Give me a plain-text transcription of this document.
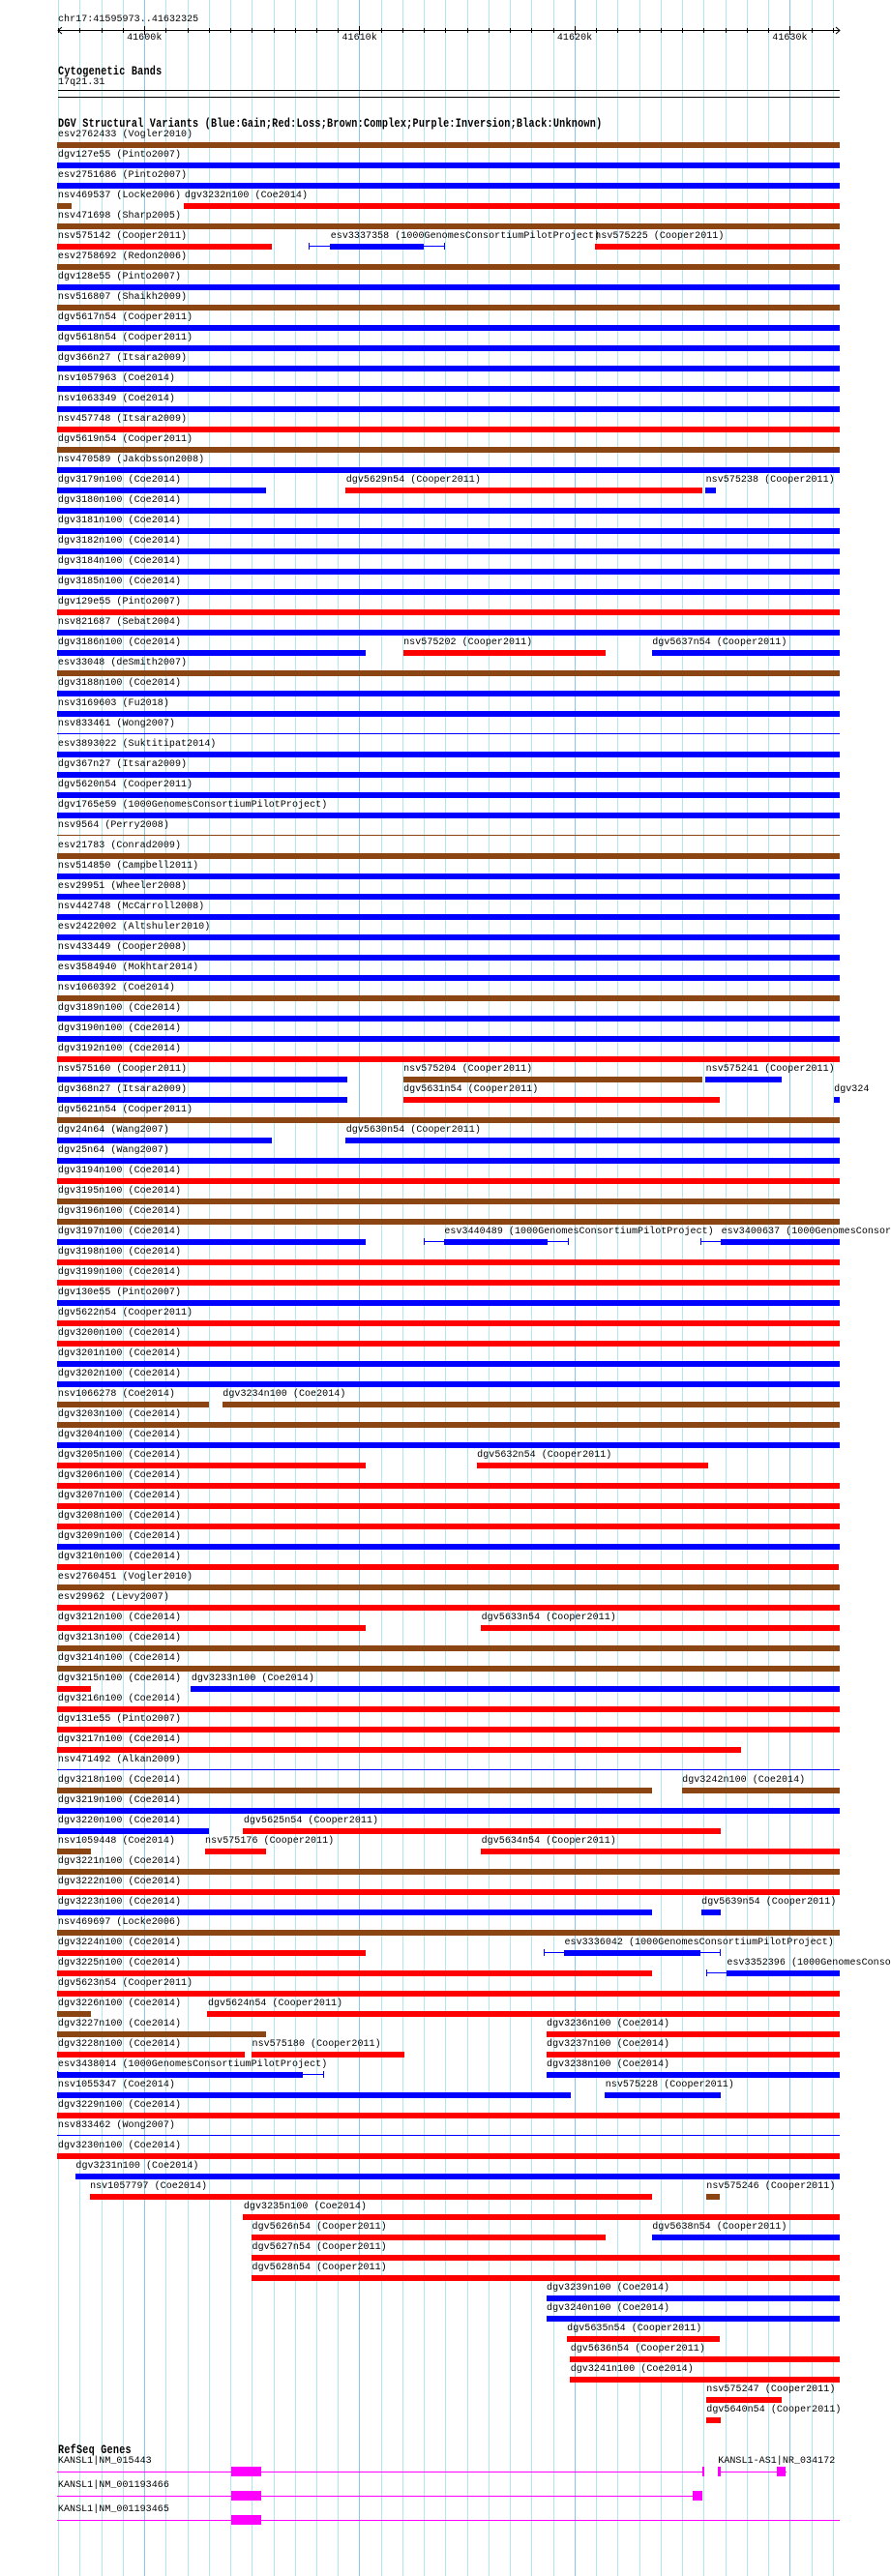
chr17:41595973..41632325
41600k	41610k	41620k	41630k
Cytogenetic Bands
17q21.31
DGV Structural Variants (Blue:Gain;Red:Loss;Brown:Complex;Purple:Inversion;Black:Unknown)
esv2762433 (Vogler2010)
dgv127e55 (Pinto2007)
esv2751686 (Pinto2007)
nsv469537 (Locke2006) dgv3232n100 (Coe2014)
nsv471698 (Sharp2005)
nsv575142 (Cooper2011)	esv3337358 (1000GenomesConsortiumPilotProject)
nsv575225 (Cooper2011)
esv2758692 (Redon2006)
dgv128e55 (Pinto2007)
nsv516807 (Shaikh2009)
dgv5617n54 (Cooper2011)
dgv5618n54 (Cooper2011)
dgv366n27 (Itsara2009)
nsv1057963 (Coe2014)
nsv1063349 (Coe2014)
nsv457748 (Itsara2009)
dgv5619n54 (Cooper2011)
nsv470589 (Jakobsson2008)
dgv3179n100 (Coe2014)	dgv5629n54 (Cooper2011)	nsv575238 (Cooper2011)
dgv3180n100 (Coe2014)
dgv3181n100 (Coe2014)
dgv3182n100 (Coe2014)
dgv3184n100 (Coe2014)
dgv3185n100 (Coe2014)
dgv129e55 (Pinto2007)
nsv821687 (Sebat2004)
dgv3186n100 (Coe2014)	nsv575202 (Cooper2011)	dgv5637n54 (Cooper2011)
esv33048 (deSmith2007)
dgv3188n100 (Coe2014)
nsv3169603 (Fu2018)
nsv833461 (Wong2007)
esv3893022 (Suktitipat2014)
dgv367n27 (Itsara2009)
dgv5620n54 (Cooper2011)
dgv1765e59 (1000GenomesConsortiumPilotProject)
nsv9564 (Perry2008)
esv21783 (Conrad2009)
nsv514850 (Campbell2011)
esv29951 (Wheeler2008)
nsv442748 (McCarroll2008)
esv2422002 (Altshuler2010)
nsv433449 (Cooper2008)
esv3584940 (Mokhtar2014)
nsv1060392 (Coe2014)
dgv3189n100 (Coe2014)
dgv3190n100 (Coe2014)
dgv3192n100 (Coe2014)
nsv575160 (Cooper2011)	nsv575204 (Cooper2011)	nsv575241 (Cooper2011)
dgv368n27 (Itsara2009)	dgv5631n54 (Cooper2011)	dgv324
dgv5621n54 (Cooper2011)
dgv24n64 (Wang2007)	dgv5630n54 (Cooper2011)
dgv25n64 (Wang2007)
dgv3194n100 (Coe2014)
dgv3195n100 (Coe2014)
dgv3196n100 (Coe2014)
dgv3197n100 (Coe2014)	esv3440489 (1000GenomesConsortiumPilotProject) esv3400637 (1000GenomesConsor
dgv3198n100 (Coe2014)
dgv3199n100 (Coe2014)
dgv130e55 (Pinto2007)
dgv5622n54 (Cooper2011)
dgv3200n100 (Coe2014)
dgv3201n100 (Coe2014)
dgv3202n100 (Coe2014)
nsv1066278 (Coe2014)	dgv3234n100 (Coe2014)
dgv3203n100 (Coe2014)
dgv3204n100 (Coe2014)
dgv3205n100 (Coe2014)	dgv5632n54 (Cooper2011)
dgv3206n100 (Coe2014)
dgv3207n100 (Coe2014)
dgv3208n100 (Coe2014)
dgv3209n100 (Coe2014)
dgv3210n100 (Coe2014)
esv2760451 (Vogler2010)
esv29962 (Levy2007)
dgv3212n100 (Coe2014)	dgv5633n54 (Cooper2011)
dgv3213n100 (Coe2014)
dgv3214n100 (Coe2014)
dgv3215n100 (Coe2014) dgv3233n100 (Coe2014)
dgv3216n100 (Coe2014)
dgv131e55 (Pinto2007)
dgv3217n100 (Coe2014)
nsv471492 (Alkan2009)
dgv3218n100 (Coe2014)	dgv3242n100 (Coe2014)
dgv3219n100 (Coe2014)
dgv3220n100 (Coe2014)	dgv5625n54 (Cooper2011)
nsv1059448 (Coe2014)	nsv575176 (Cooper2011)	dgv5634n54 (Cooper2011)
dgv3221n100 (Coe2014)
dgv3222n100 (Coe2014)
dgv3223n100 (Coe2014)	dgv5639n54 (Cooper2011)
nsv469697 (Locke2006)
dgv3224n100 (Coe2014)	esv3336042 (1000GenomesConsortiumPilotProject)
dgv3225n100 (Coe2014)	esv3352396 (1000GenomesConso
dgv5623n54 (Cooper2011)
dgv3226n100 (Coe2014)	dgv5624n54 (Cooper2011)
dgv3227n100 (Coe2014)	dgv3236n100 (Coe2014)
dgv3228n100 (Coe2014)	nsv575180 (Cooper2011)	dgv3237n100 (Coe2014)
esv3438014 (1000GenomesConsortiumPilotProject)	dgv3238n100 (Coe2014)
nsv1055347 (Coe2014)	nsv575228 (Cooper2011)
dgv3229n100 (Coe2014)
nsv833462 (Wong2007)
dgv3230n100 (Coe2014)
dgv3231n100 (Coe2014)
nsv1057797 (Coe2014)	nsv575246 (Cooper2011)
dgv3235n100 (Coe2014)
dgv5626n54 (Cooper2011)	dgv5638n54 (Cooper2011)
dgv5627n54 (Cooper2011)
dgv5628n54 (Cooper2011)
dgv3239n100 (Coe2014)
dgv3240n100 (Coe2014)
dgv5635n54 (Cooper2011)
dgv5636n54 (Cooper2011)
dgv3241n100 (Coe2014)
nsv575247 (Cooper2011)
dgv5640n54 (Cooper2011)
RefSeq Genes
KANSL1|NM_015443	KANSL1-AS1|NR_034172
KANSL1|NM_001193466
KANSL1|NM_001193465
